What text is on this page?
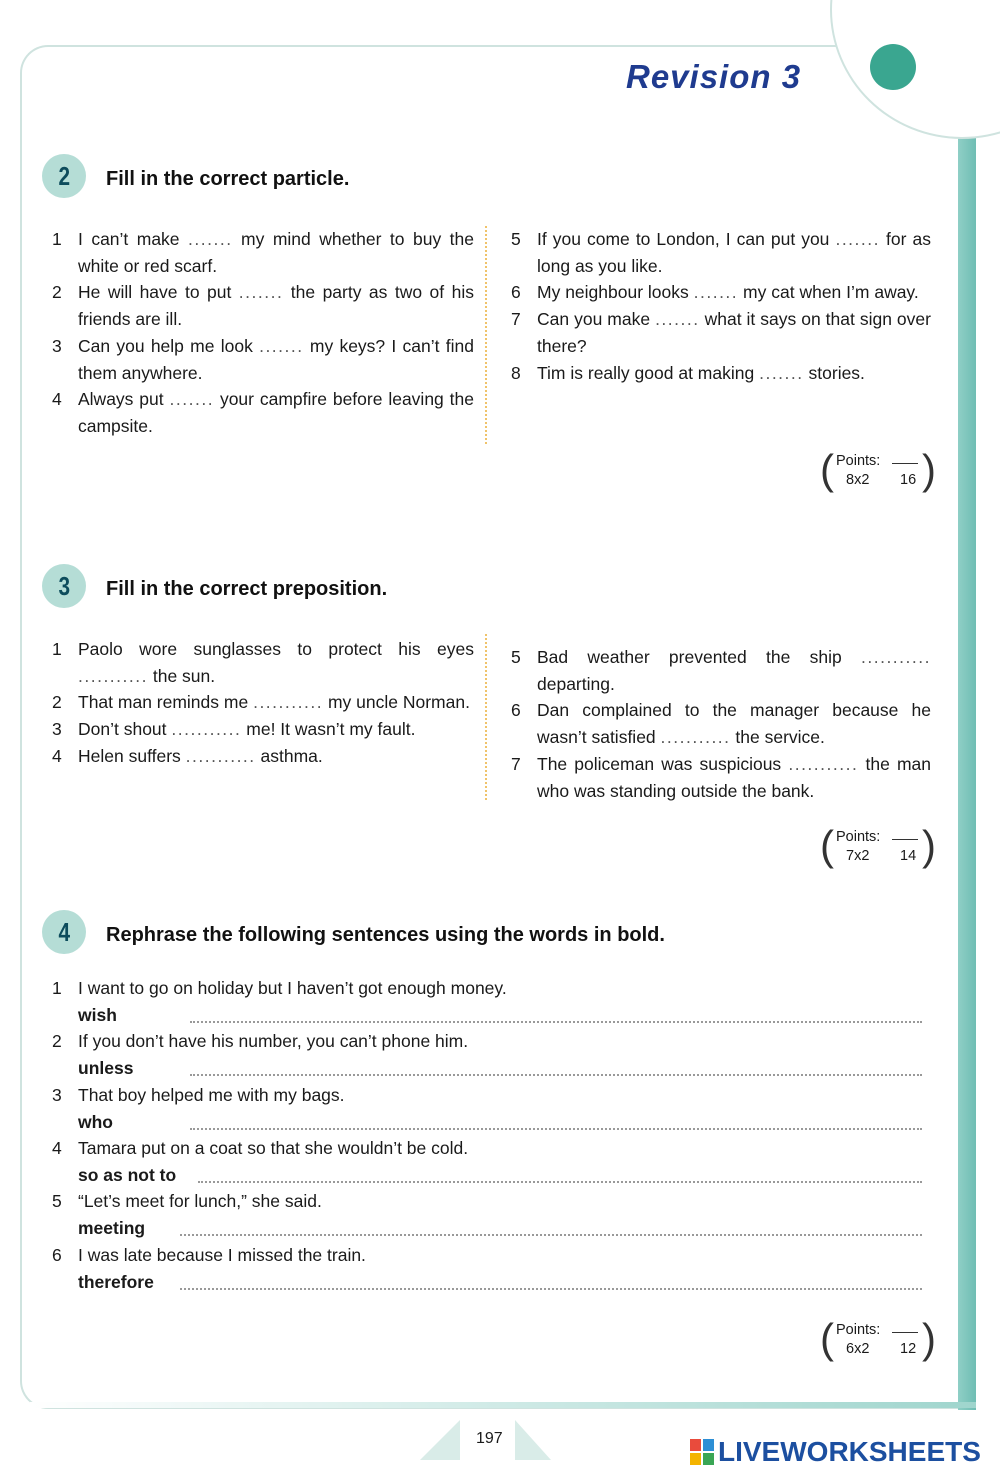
Revision 3
2 Fill in the correct particle.
1 I can’t make ....... my mind whether to buy the white or red scarf.
2 He will have to put ....... the party as two of his friends are ill.
3 Can you help me look ....... my keys? I can’t find them anywhere.
4 Always put ....... your campfire before leaving the campsite.
5 If you come to London, I can put you ....... for as long as you like.
6 My neighbour looks ....... my cat when I’m away.
7 Can you make ....... what it says on that sign over there?
8 Tim is really good at making ....... stories.
( )
Points:
8x2 16
3 Fill in the correct preposition.
1 Paolo wore sunglasses to protect his eyes ........... the sun.
2 That man reminds me ........... my uncle Norman.
3 Don’t shout ........... me! It wasn’t my fault.
4 Helen suffers ........... asthma.
5 Bad weather prevented the ship ........... departing.
6 Dan complained to the manager because he wasn’t satisfied ........... the service.
7 The policeman was suspicious ........... the man who was standing outside the bank.
( )
Points:
7x2 14
4 Rephrase the following sentences using the words in bold.
1 I want to go on holiday but I haven’t got enough money.
wish
2 If you don’t have his number, you can’t phone him.
unless
3 That boy helped me with my bags.
who
4 Tamara put on a coat so that she wouldn’t be cold.
so as not to
5 “Let’s meet for lunch,” she said.
meeting
6 I was late because I missed the train.
therefore
( )
Points:
6x2 12
197	LIVEWORKSHEETS
